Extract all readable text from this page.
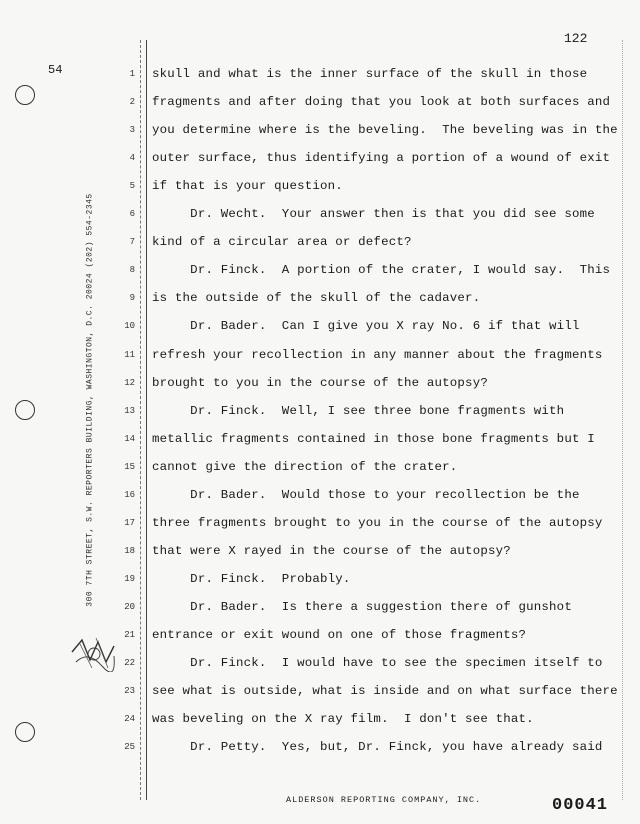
122
54
300 7TH STREET, S.W. REPORTERS BUILDING, WASHINGTON, D.C. 20024 (202) 554-2345
1 skull and what is the inner surface of the skull in those
2 fragments and after doing that you look at both surfaces and
3 you determine where is the beveling.  The beveling was in the
4 outer surface, thus identifying a portion of a wound of exit
5 if that is your question.
6 Dr. Wecht.  Your answer then is that you did see some
7 kind of a circular area or defect?
8 Dr. Finck.  A portion of the crater, I would say.  This
9 is the outside of the skull of the cadaver.
10 Dr. Bader.  Can I give you X ray No. 6 if that will
11 refresh your recollection in any manner about the fragments
12 brought to you in the course of the autopsy?
13 Dr. Finck.  Well, I see three bone fragments with
14 metallic fragments contained in those bone fragments but I
15 cannot give the direction of the crater.
16 Dr. Bader.  Would those to your recollection be the
17 three fragments brought to you in the course of the autopsy
18 that were X rayed in the course of the autopsy?
19 Dr. Finck.  Probably.
20 Dr. Bader.  Is there a suggestion there of gunshot
21 entrance or exit wound on one of those fragments?
22 Dr. Finck.  I would have to see the specimen itself to
23 see what is outside, what is inside and on what surface there
24 was beveling on the X ray film.  I don't see that.
25 Dr. Petty.  Yes, but, Dr. Finck, you have already said
ALDERSON REPORTING COMPANY, INC.	00041
